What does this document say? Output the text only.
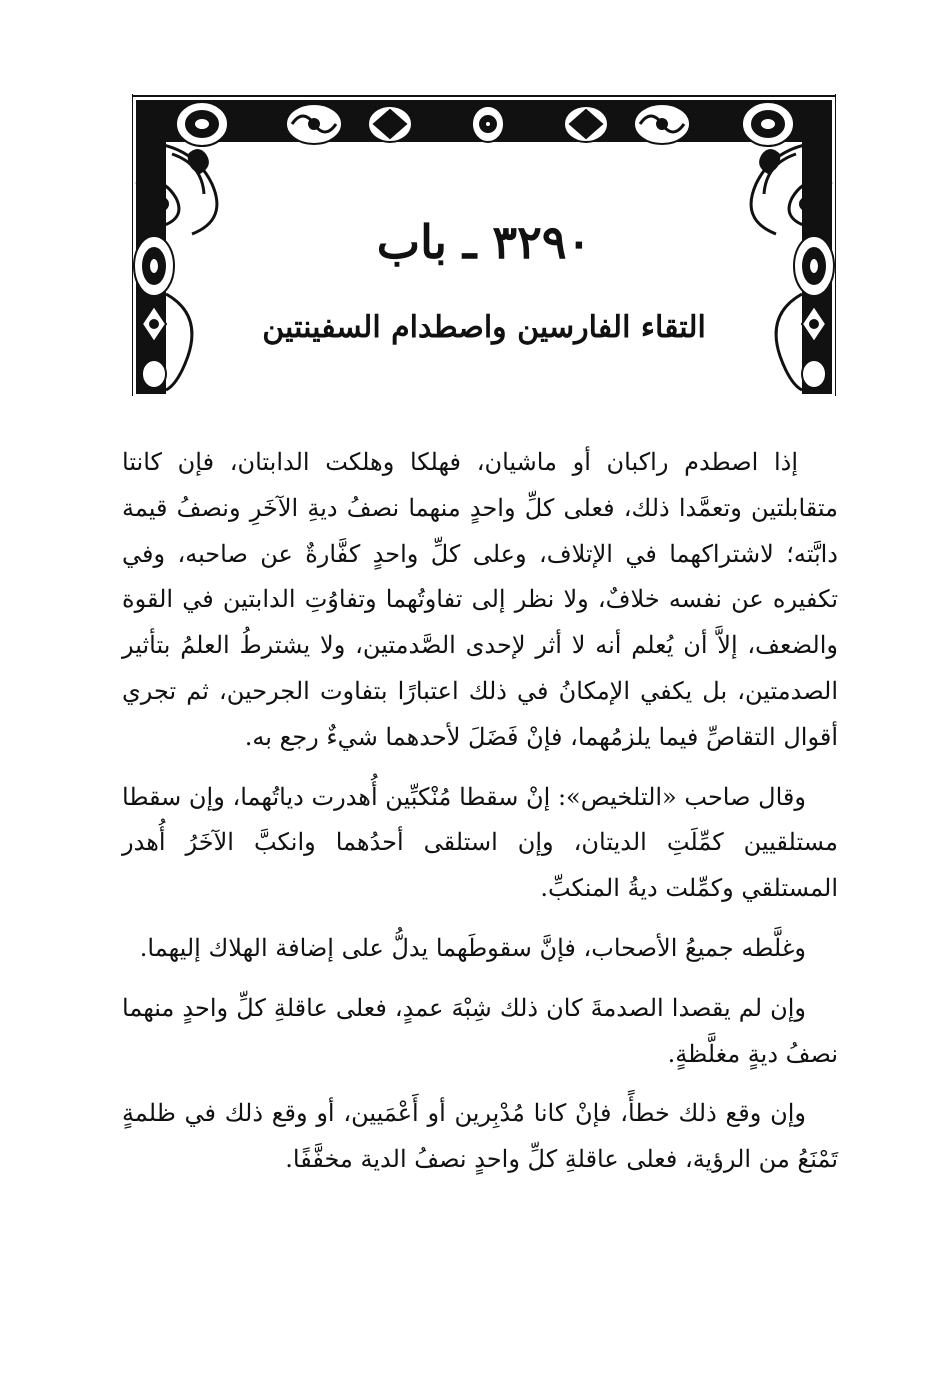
٣٢٩٠ ـ باب
التقاء الفارسين واصطدام السفينتين

إذا اصطدم راكبان أو ماشيان، فهلكا وهلكت الدابتان، فإن كانتا متقابلتين وتعمَّدا ذلك، فعلى كلِّ واحدٍ منهما نصفُ ديةِ الآخَرِ ونصفُ قيمة دابَّته؛ لاشتراكهما في الإتلاف، وعلى كلِّ واحدٍ كفَّارةٌ عن صاحبه، وفي تكفيره عن نفسه خلافٌ، ولا نظر إلى تفاوتُهما وتفاوُتِ الدابتين في القوة والضعف، إلاَّ أن يُعلم أنه لا أثر لإحدى الصَّدمتين، ولا يشترطُ العلمُ بتأثير الصدمتين، بل يكفي الإمكانُ في ذلك اعتبارًا بتفاوت الجرحين، ثم تجري أقوال التقاصِّ فيما يلزمُهما، فإنْ فَضَلَ لأحدهما شيءٌ رجع به.

وقال صاحب «التلخيص»: إنْ سقطا مُنْكبِّين أُهدرت دياتُهما، وإن سقطا مستلقيين كمِّلَتِ الديتان، وإن استلقى أحدُهما وانكبَّ الآخَرُ أُهدر المستلقي وكمِّلت ديةُ المنكبِّ.

وغلَّطه جميعُ الأصحاب، فإنَّ سقوطَهما يدلُّ على إضافة الهلاك إليهما.

وإن لم يقصدا الصدمةَ كان ذلك شِبْهَ عمدٍ، فعلى عاقلةِ كلِّ واحدٍ منهما نصفُ ديةٍ مغلَّظةٍ.

وإن وقع ذلك خطأً، فإنْ كانا مُدْبِرين أو أَعْمَيين، أو وقع ذلك في ظلمةٍ تَمْنَعُ من الرؤية، فعلى عاقلةِ كلِّ واحدٍ نصفُ الدية مخفَّفًا.
